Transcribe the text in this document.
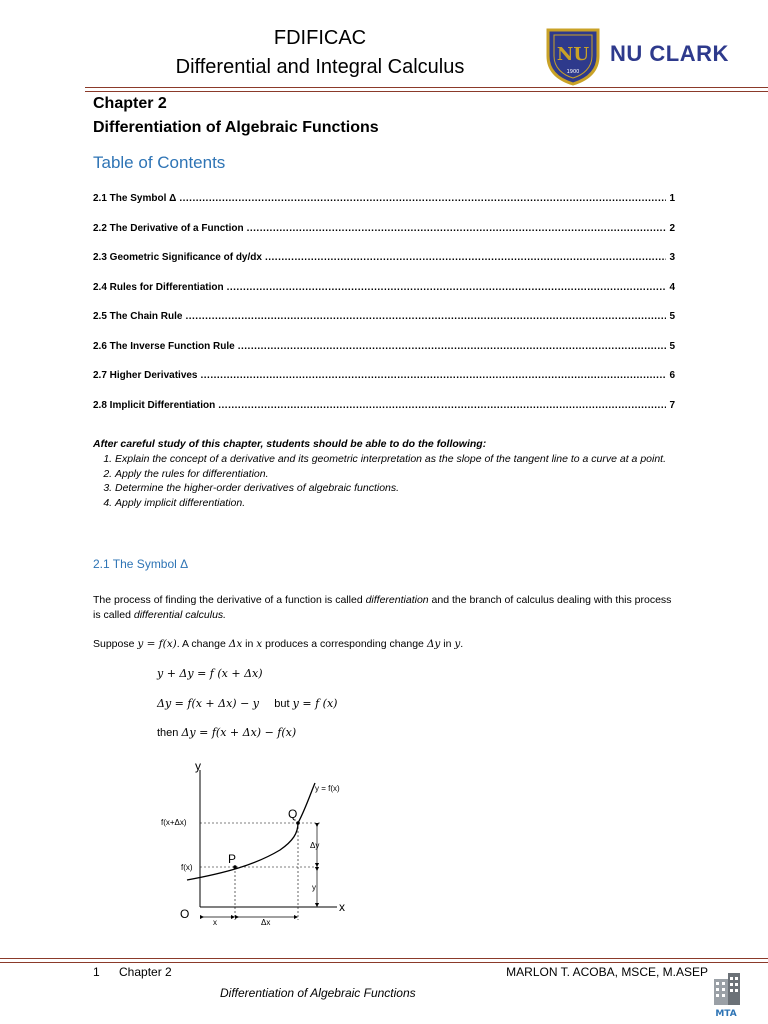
FDIFICAC
Differential and Integral Calculus
NU
1900
NU CLARK
Chapter 2
Differentiation of Algebraic Functions
Table of Contents
2.1 The Symbol Δ .....	1
2.2 The Derivative of a Function .....	2
2.3 Geometric Significance of dy/dx .....	3
2.4 Rules for Differentiation .....	4
2.5 The Chain Rule .....	5
2.6 The Inverse Function Rule .....	5
2.7 Higher Derivatives .....	6
2.8 Implicit Differentiation .....	7
After careful study of this chapter, students should be able to do the following:
1. Explain the concept of a derivative and its geometric interpretation as the slope of the tangent line to a curve at a point.
2. Apply the rules for differentiation.
3. Determine the higher-order derivatives of algebraic functions.
4. Apply implicit differentiation.
2.1 The Symbol Δ
The process of finding the derivative of a function is called differentiation and the branch of calculus dealing with this process is called differential calculus.
Suppose y = f(x). A change Δx in x produces a corresponding change Δy in y.
y + Δy = f (x + Δx)
Δy = f(x + Δx) − y but y = f (x)
then Δy = f(x + Δx) − f(x)
y
x
O
y = f(x)
P
Q
f(x+Δx)
f(x)
Δy
y
x	Δx
1 Chapter 2	MARLON T. ACOBA, MSCE, M.ASEP
Differentiation of Algebraic Functions
MTA
